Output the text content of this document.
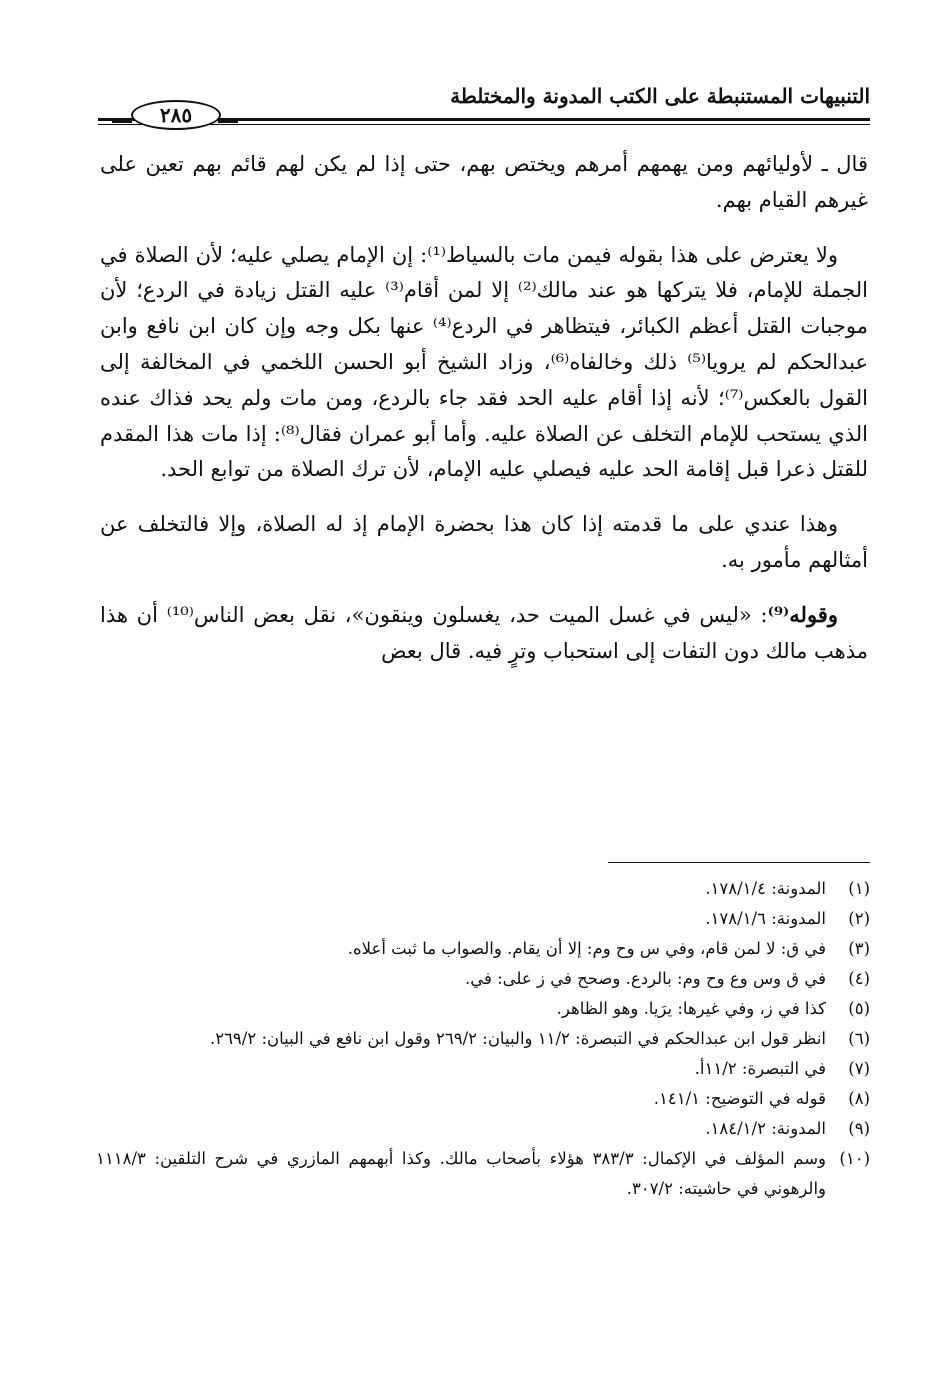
التنبيهات المستنبطة على الكتب المدونة والمختلطة
٢٨٥

قال ـ لأوليائهم ومن يهمهم أمرهم ويختص بهم، حتى إذا لم يكن لهم قائم بهم تعين على غيرهم القيام بهم.

ولا يعترض على هذا بقوله فيمن مات بالسياط⁽¹⁾: إن الإمام يصلي عليه؛ لأن الصلاة في الجملة للإمام، فلا يتركها هو عند مالك⁽²⁾ إلا لمن أقام⁽³⁾ عليه القتل زيادة في الردع؛ لأن موجبات القتل أعظم الكبائر، فيتظاهر في الردع⁽⁴⁾ عنها بكل وجه وإن كان ابن نافع وابن عبدالحكم لم يرويا⁽⁵⁾ ذلك وخالفاه⁽⁶⁾، وزاد الشيخ أبو الحسن اللخمي في المخالفة إلى القول بالعكس⁽⁷⁾؛ لأنه إذا أقام عليه الحد فقد جاء بالردع، ومن مات ولم يحد فذاك عنده الذي يستحب للإمام التخلف عن الصلاة عليه. وأما أبو عمران فقال⁽⁸⁾: إذا مات هذا المقدم للقتل ذعرا قبل إقامة الحد عليه فيصلي عليه الإمام، لأن ترك الصلاة من توابع الحد.

وهذا عندي على ما قدمته إذا كان هذا بحضرة الإمام إذ له الصلاة، وإلا فالتخلف عن أمثالهم مأمور به.

وقوله⁽⁹⁾: «ليس في غسل الميت حد، يغسلون وينقون»، نقل بعض الناس⁽¹⁰⁾ أن هذا مذهب مالك دون التفات إلى استحباب وترٍ فيه. قال بعض

(١)
المدونة: ١٧٨/١/٤.
(٢)
المدونة: ١٧٨/١/٦.
(٣)
في ق: لا لمن قام، وفي س وح وم: إلا أن يقام. والصواب ما ثبت أعلاه.
(٤)
في ق وس وع وح وم: بالردع. وصحح في ز على: في.
(٥)
كذا في ز، وفي غيرها: يرَيا. وهو الظاهر.
(٦)
انظر قول ابن عبدالحكم في التبصرة: ١١/٢ والبيان: ٢٦٩/٢ وقول ابن نافع في البيان: ٢٦٩/٢.
(٧)
في التبصرة: ١١/٢أ.
(٨)
قوله في التوضيح: ١٤١/١.
(٩)
المدونة: ١٨٤/١/٢.
(١٠)
وسم المؤلف في الإكمال: ٣٨٣/٣ هؤلاء بأصحاب مالك. وكذا أبهمهم المازري في شرح التلقين: ١١١٨/٣ والرهوني في حاشيته: ٣٠٧/٢.
